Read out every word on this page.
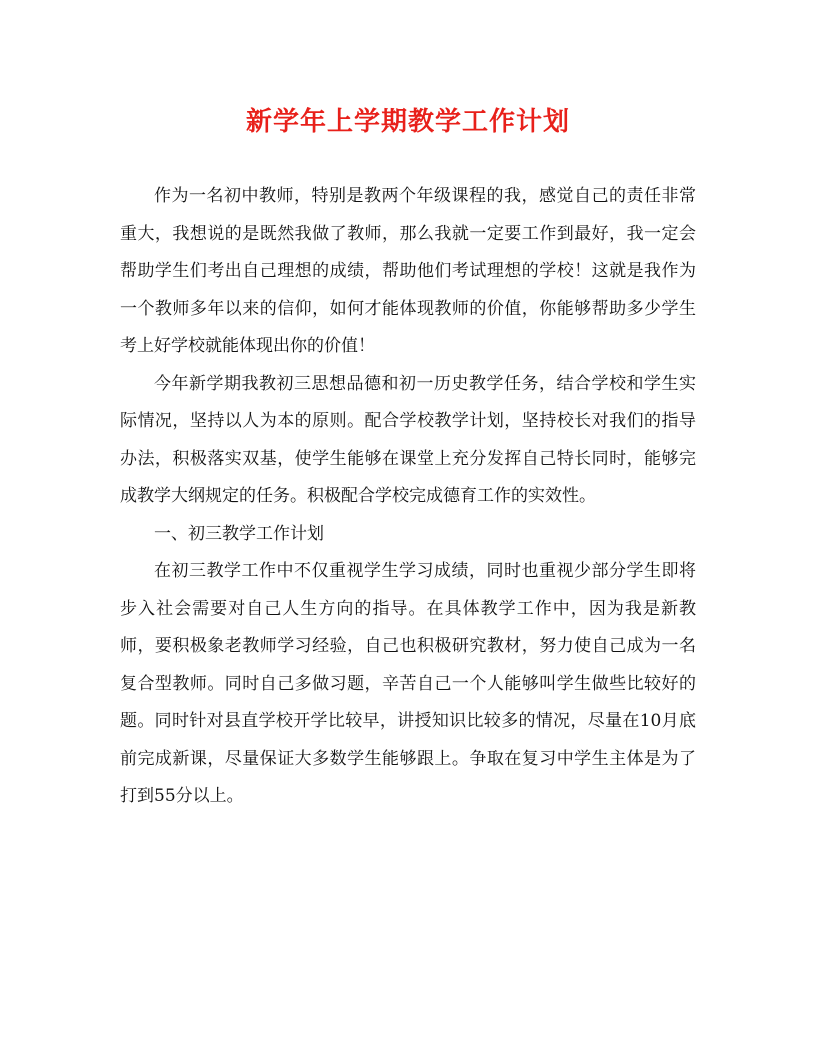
新学年上学期教学工作计划

作为一名初中教师，特别是教两个年级课程的我，感觉自己的责任非常重大，我想说的是既然我做了教师，那么我就一定要工作到最好，我一定会帮助学生们考出自己理想的成绩，帮助他们考试理想的学校！这就是我作为一个教师多年以来的信仰，如何才能体现教师的价值，你能够帮助多少学生考上好学校就能体现出你的价值！

今年新学期我教初三思想品德和初一历史教学任务，结合学校和学生实际情况，坚持以人为本的原则。配合学校教学计划，坚持校长对我们的指导办法，积极落实双基，使学生能够在课堂上充分发挥自己特长同时，能够完成教学大纲规定的任务。积极配合学校完成德育工作的实效性。

一、初三教学工作计划

在初三教学工作中不仅重视学生学习成绩，同时也重视少部分学生即将步入社会需要对自己人生方向的指导。在具体教学工作中，因为我是新教师，要积极象老教师学习经验，自己也积极研究教材，努力使自己成为一名复合型教师。同时自己多做习题，辛苦自己一个人能够叫学生做些比较好的题。同时针对县直学校开学比较早，讲授知识比较多的情况，尽量在10月底前完成新课，尽量保证大多数学生能够跟上。争取在复习中学生主体是为了打到55分以上。
